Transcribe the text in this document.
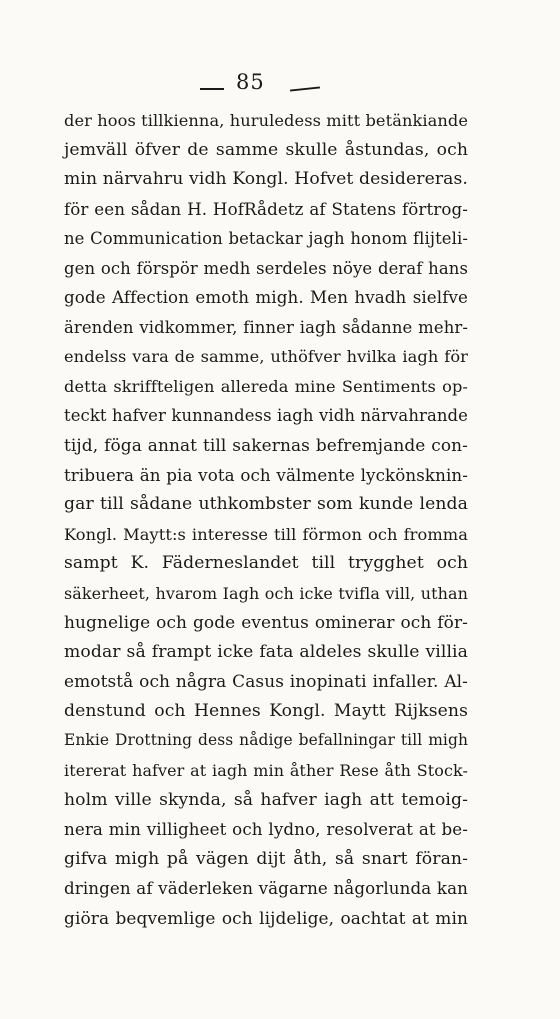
85
der hoos tillkienna, huruledess mitt betänkiande
jemväll öfver de samme skulle åstundas, och
min närvahru vidh Kongl. Hofvet desidereras.
för een sådan H. HofRådetz af Statens förtrog-
ne Communication betackar jagh honom flijteli-
gen och förspör medh serdeles nöye deraf hans
gode Affection emoth migh. Men hvadh sielfve
ärenden vidkommer, finner iagh sådanne mehr-
endelss vara de samme, uthöfver hvilka iagh för
detta skriffteligen allereda mine Sentiments op-
teckt hafver kunnandess iagh vidh närvahrande
tijd, föga annat till sakernas befremjande con-
tribuera än pia vota och välmente lyckönsknin-
gar till sådane uthkombster som kunde lenda
Kongl. Maytt:s interesse till förmon och fromma
sampt K. Fäderneslandet till trygghet och
säkerheet, hvarom Iagh och icke tvifla vill, uthan
hugnelige och gode eventus ominerar och för-
modar så frampt icke fata aldeles skulle villia
emotstå och några Casus inopinati infaller. Al-
denstund och Hennes Kongl. Maytt Rijksens
Enkie Drottning dess nådige befallningar till migh
itererat hafver at iagh min åther Rese åth Stock-
holm ville skynda, så hafver iagh att temoig-
nera min villigheet och lydno, resolverat at be-
gifva migh på vägen dijt åth, så snart föran-
dringen af väderleken vägarne någorlunda kan
giöra beqvemlige och lijdelige, oachtat at min
